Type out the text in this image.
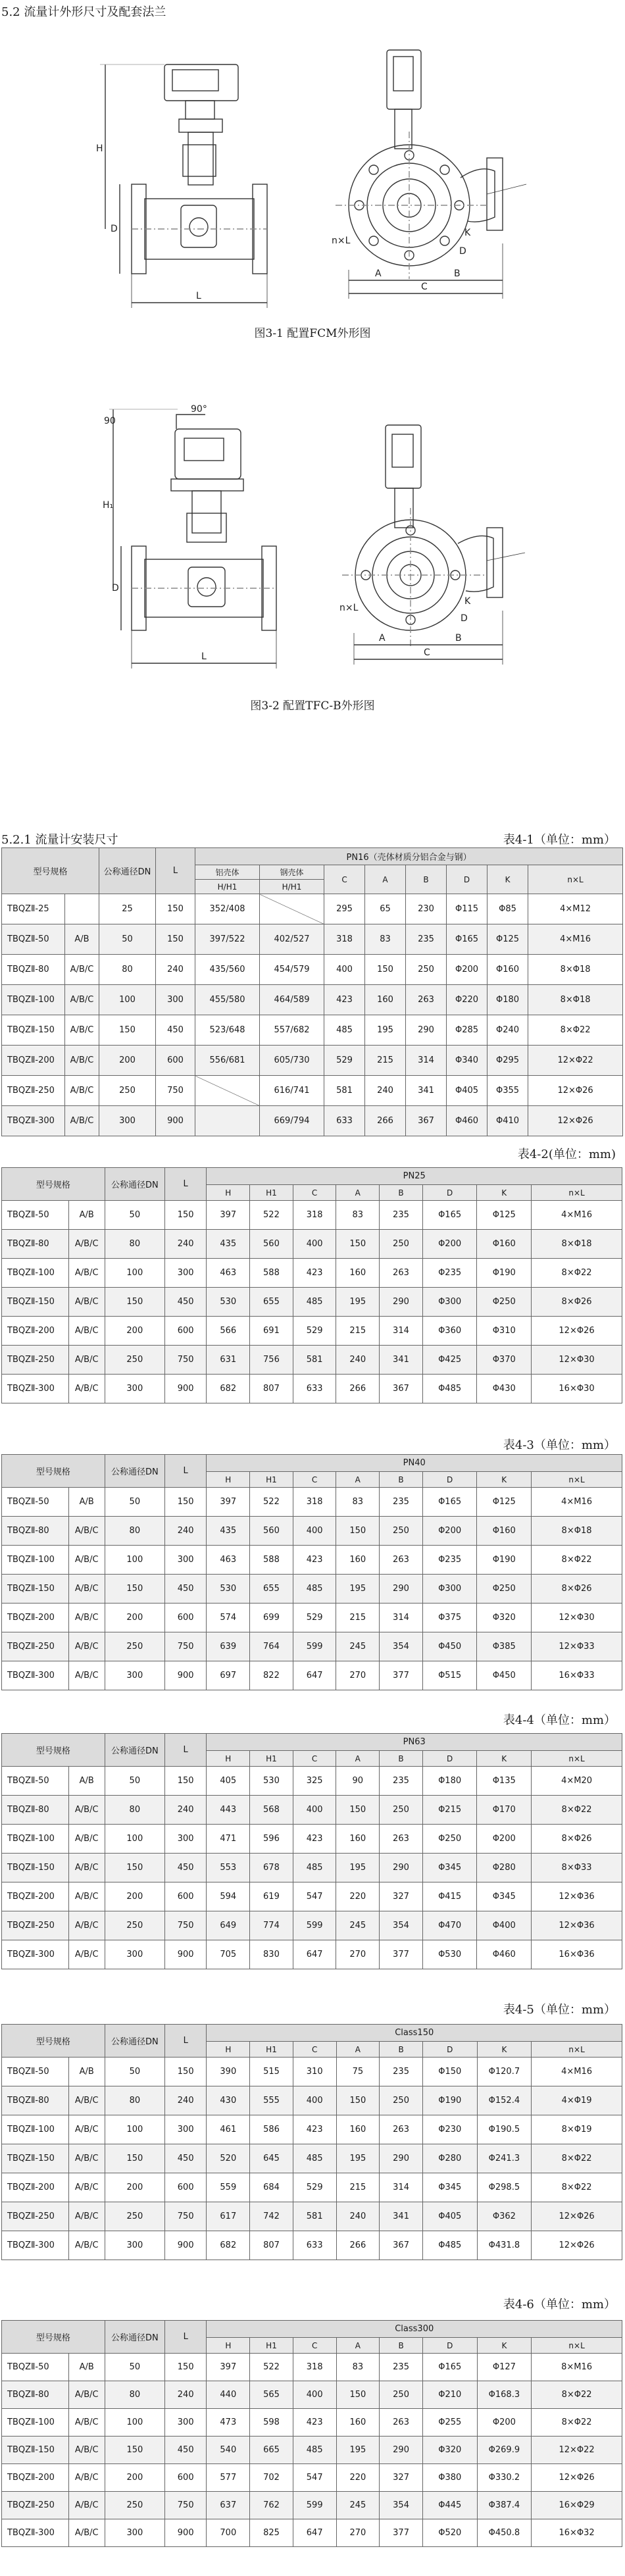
5.2 流量计外形尺寸及配套法兰
H
D
L
A	B
C
n×L
K
D
图3-1 配置FCM外形图
90
90°
H₁
D
L
A	B
C
n×L
K
D
图3-2 配置TFC-B外形图
5.2.1 流量计安装尺寸	表4-1（单位：mm）
型号规格		公称通径DN	L	PN16（壳体材质分铝合金与钢）							
				铝壳体	钢壳体	C	A	B	D	K	n×L
				H/H1	H/H1						
TBQZⅡ-25		25	150	352/408		295	65	230	Φ115	Φ85	4×M12
TBQZⅡ-50	A/B	50	150	397/522	402/527	318	83	235	Φ165	Φ125	4×M16
TBQZⅡ-80	A/B/C	80	240	435/560	454/579	400	150	250	Φ200	Φ160	8×Φ18
TBQZⅡ-100	A/B/C	100	300	455/580	464/589	423	160	263	Φ220	Φ180	8×Φ18
TBQZⅡ-150	A/B/C	150	450	523/648	557/682	485	195	290	Φ285	Φ240	8×Φ22
TBQZⅡ-200	A/B/C	200	600	556/681	605/730	529	215	314	Φ340	Φ295	12×Φ22
TBQZⅡ-250	A/B/C	250	750		616/741	581	240	341	Φ405	Φ355	12×Φ26
TBQZⅡ-300	A/B/C	300	900		669/794	633	266	367	Φ460	Φ410	12×Φ26
表4-2(单位：mm)
型号规格		公称通径DN	L	PN25							
				H	H1	C	A	B	D	K	n×L
TBQZⅡ-50	A/B	50	150	397	522	318	83	235	Φ165	Φ125	4×M16
TBQZⅡ-80	A/B/C	80	240	435	560	400	150	250	Φ200	Φ160	8×Φ18
TBQZⅡ-100	A/B/C	100	300	463	588	423	160	263	Φ235	Φ190	8×Φ22
TBQZⅡ-150	A/B/C	150	450	530	655	485	195	290	Φ300	Φ250	8×Φ26
TBQZⅡ-200	A/B/C	200	600	566	691	529	215	314	Φ360	Φ310	12×Φ26
TBQZⅡ-250	A/B/C	250	750	631	756	581	240	341	Φ425	Φ370	12×Φ30
TBQZⅡ-300	A/B/C	300	900	682	807	633	266	367	Φ485	Φ430	16×Φ30
表4-3（单位：mm）
型号规格		公称通径DN	L	PN40							
				H	H1	C	A	B	D	K	n×L
TBQZⅡ-50	A/B	50	150	397	522	318	83	235	Φ165	Φ125	4×M16
TBQZⅡ-80	A/B/C	80	240	435	560	400	150	250	Φ200	Φ160	8×Φ18
TBQZⅡ-100	A/B/C	100	300	463	588	423	160	263	Φ235	Φ190	8×Φ22
TBQZⅡ-150	A/B/C	150	450	530	655	485	195	290	Φ300	Φ250	8×Φ26
TBQZⅡ-200	A/B/C	200	600	574	699	529	215	314	Φ375	Φ320	12×Φ30
TBQZⅡ-250	A/B/C	250	750	639	764	599	245	354	Φ450	Φ385	12×Φ33
TBQZⅡ-300	A/B/C	300	900	697	822	647	270	377	Φ515	Φ450	16×Φ33
表4-4（单位：mm）
型号规格		公称通径DN	L	PN63							
				H	H1	C	A	B	D	K	n×L
TBQZⅡ-50	A/B	50	150	405	530	325	90	235	Φ180	Φ135	4×M20
TBQZⅡ-80	A/B/C	80	240	443	568	400	150	250	Φ215	Φ170	8×Φ22
TBQZⅡ-100	A/B/C	100	300	471	596	423	160	263	Φ250	Φ200	8×Φ26
TBQZⅡ-150	A/B/C	150	450	553	678	485	195	290	Φ345	Φ280	8×Φ33
TBQZⅡ-200	A/B/C	200	600	594	619	547	220	327	Φ415	Φ345	12×Φ36
TBQZⅡ-250	A/B/C	250	750	649	774	599	245	354	Φ470	Φ400	12×Φ36
TBQZⅡ-300	A/B/C	300	900	705	830	647	270	377	Φ530	Φ460	16×Φ36
表4-5（单位：mm）
型号规格		公称通径DN	L	Class150							
				H	H1	C	A	B	D	K	n×L
TBQZⅡ-50	A/B	50	150	390	515	310	75	235	Φ150	Φ120.7	4×M16
TBQZⅡ-80	A/B/C	80	240	430	555	400	150	250	Φ190	Φ152.4	4×Φ19
TBQZⅡ-100	A/B/C	100	300	461	586	423	160	263	Φ230	Φ190.5	8×Φ19
TBQZⅡ-150	A/B/C	150	450	520	645	485	195	290	Φ280	Φ241.3	8×Φ22
TBQZⅡ-200	A/B/C	200	600	559	684	529	215	314	Φ345	Φ298.5	8×Φ22
TBQZⅡ-250	A/B/C	250	750	617	742	581	240	341	Φ405	Φ362	12×Φ26
TBQZⅡ-300	A/B/C	300	900	682	807	633	266	367	Φ485	Φ431.8	12×Φ26
表4-6（单位：mm）
型号规格		公称通径DN	L	Class300							
				H	H1	C	A	B	D	K	n×L
TBQZⅡ-50	A/B	50	150	397	522	318	83	235	Φ165	Φ127	8×M16
TBQZⅡ-80	A/B/C	80	240	440	565	400	150	250	Φ210	Φ168.3	8×Φ22
TBQZⅡ-100	A/B/C	100	300	473	598	423	160	263	Φ255	Φ200	8×Φ22
TBQZⅡ-150	A/B/C	150	450	540	665	485	195	290	Φ320	Φ269.9	12×Φ22
TBQZⅡ-200	A/B/C	200	600	577	702	547	220	327	Φ380	Φ330.2	12×Φ26
TBQZⅡ-250	A/B/C	250	750	637	762	599	245	354	Φ445	Φ387.4	16×Φ29
TBQZⅡ-300	A/B/C	300	900	700	825	647	270	377	Φ520	Φ450.8	16×Φ32
